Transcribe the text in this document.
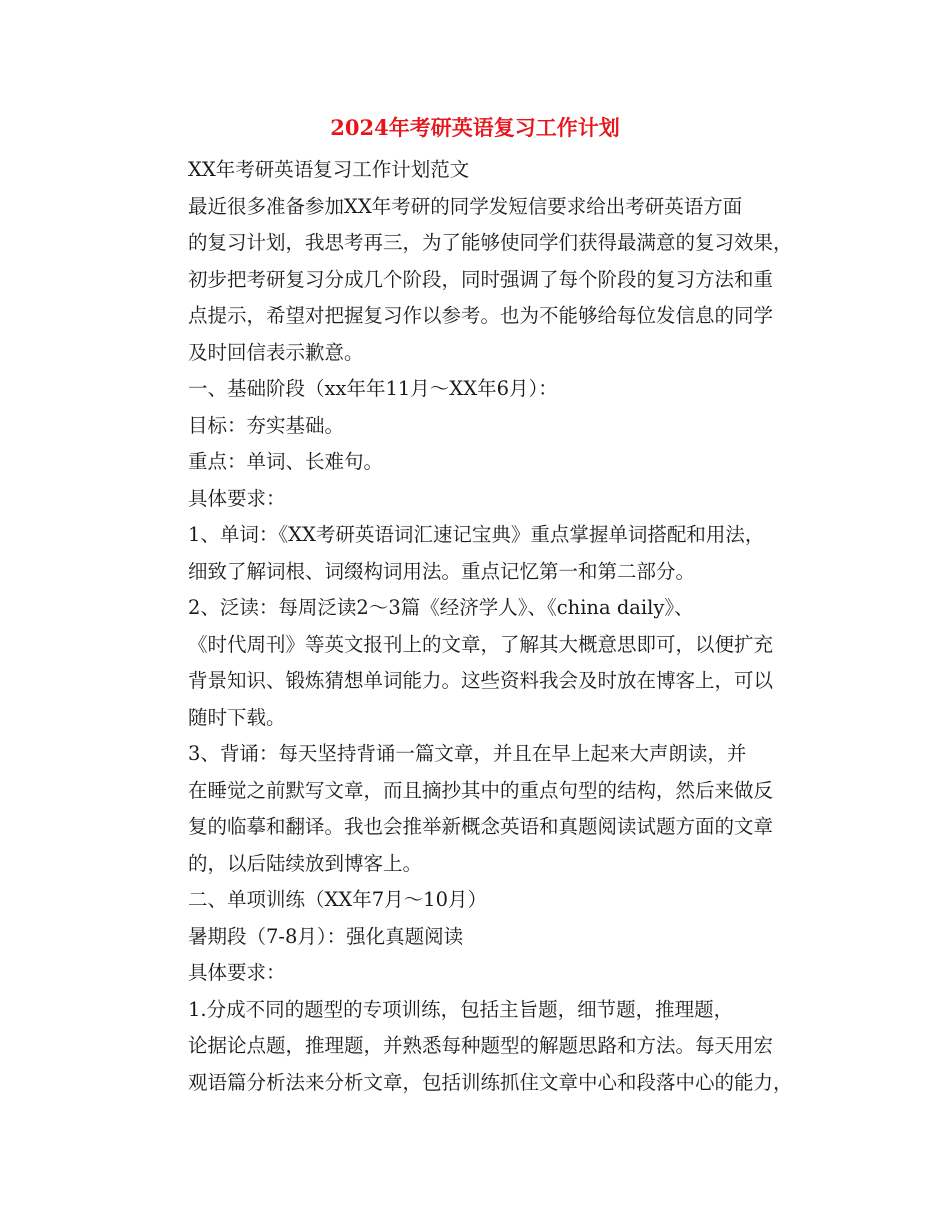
2024年考研英语复习工作计划

XX年考研英语复习工作计划范文

最近很多准备参加XX年考研的同学发短信要求给出考研英语方面
的复习计划，我思考再三，为了能够使同学们获得最满意的复习效果，
初步把考研复习分成几个阶段，同时强调了每个阶段的复习方法和重
点提示，希望对把握复习作以参考。也为不能够给每位发信息的同学
及时回信表示歉意。

一、基础阶段（xx年年11月～XX年6月）：

目标：夯实基础。

重点：单词、长难句。

具体要求：

1、单词：《XX考研英语词汇速记宝典》重点掌握单词搭配和用法，
细致了解词根、词缀构词用法。重点记忆第一和第二部分。

2、泛读：每周泛读2～3篇《经济学人》、《china daily》、
《时代周刊》等英文报刊上的文章，了解其大概意思即可，以便扩充
背景知识、锻炼猜想单词能力。这些资料我会及时放在博客上，可以
随时下载。

3、背诵：每天坚持背诵一篇文章，并且在早上起来大声朗读，并
在睡觉之前默写文章，而且摘抄其中的重点句型的结构，然后来做反
复的临摹和翻译。我也会推举新概念英语和真题阅读试题方面的文章
的，以后陆续放到博客上。

二、单项训练（XX年7月～10月）

暑期段（7-8月）：强化真题阅读

具体要求：

1.分成不同的题型的专项训练，包括主旨题，细节题，推理题，
论据论点题，推理题，并熟悉每种题型的解题思路和方法。每天用宏
观语篇分析法来分析文章，包括训练抓住文章中心和段落中心的能力，
